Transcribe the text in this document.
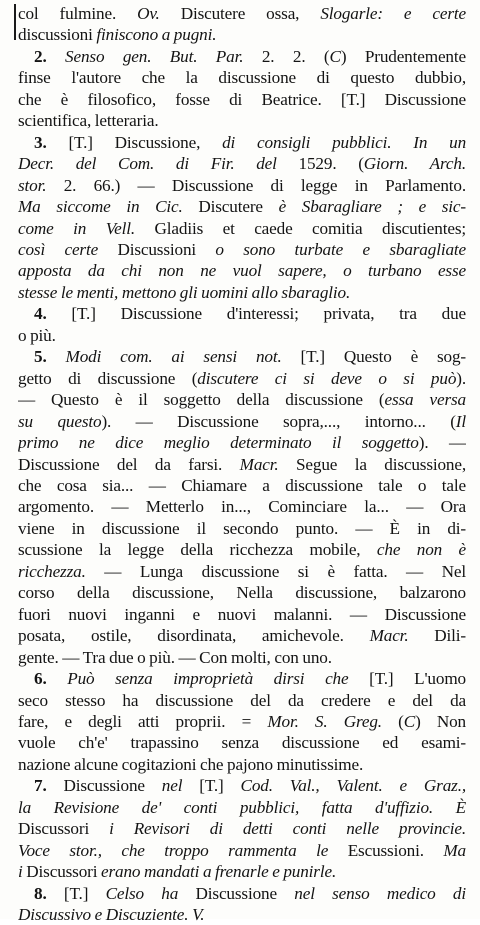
col fulmine. Ov. Discutere ossa, Slogarle: e certe
discussioni finiscono a pugni.
2. Senso gen. But. Par. 2. 2. (C) Prudentemente
finse l'autore che la discussione di questo dubbio,
che è filosofico, fosse di Beatrice. [T.] Discussione
scientifica, letteraria.
3. [T.] Discussione, di consigli pubblici. In un
Decr. del Com. di Fir. del 1529. (Giorn. Arch.
stor. 2. 66.) — Discussione di legge in Parlamento.
Ma siccome in Cic. Discutere è Sbaragliare ; e sic-
come in Vell. Gladiis et caede comitia discutientes;
così certe Discussioni o sono turbate e sbaragliate
apposta da chi non ne vuol sapere, o turbano esse
stesse le menti, mettono gli uomini allo sbaraglio.
4. [T.] Discussione d'interessi; privata, tra due
o più.
5. Modi com. ai sensi not. [T.] Questo è sog-
getto di discussione (discutere ci si deve o si può).
— Questo è il soggetto della discussione (essa versa
su questo). — Discussione sopra,..., intorno... (Il
primo ne dice meglio determinato il soggetto). —
Discussione del da farsi. Macr. Segue la discussione,
che cosa sia... — Chiamare a discussione tale o tale
argomento. — Metterlo in..., Cominciare la... — Ora
viene in discussione il secondo punto. — È in di-
scussione la legge della ricchezza mobile, che non è
ricchezza. — Lunga discussione si è fatta. — Nel
corso della discussione, Nella discussione, balzarono
fuori nuovi inganni e nuovi malanni. — Discussione
posata, ostile, disordinata, amichevole. Macr. Dili-
gente. — Tra due o più. — Con molti, con uno.
6. Può senza improprietà dirsi che [T.] L'uomo
seco stesso ha discussione del da credere e del da
fare, e degli atti proprii. = Mor. S. Greg. (C) Non
vuole ch'e' trapassino senza discussione ed esami-
nazione alcune cogitazioni che pajono minutissime.
7. Discussione nel [T.] Cod. Val., Valent. e Graz.,
la Revisione de' conti pubblici, fatta d'uffizio. È
Discussori i Revisori di detti conti nelle provincie.
Voce stor., che troppo rammenta le Escussioni. Ma
i Discussori erano mandati a frenarle e punirle.
8. [T.] Celso ha Discussione nel senso medico di
Discussivo e Discuziente. V.
